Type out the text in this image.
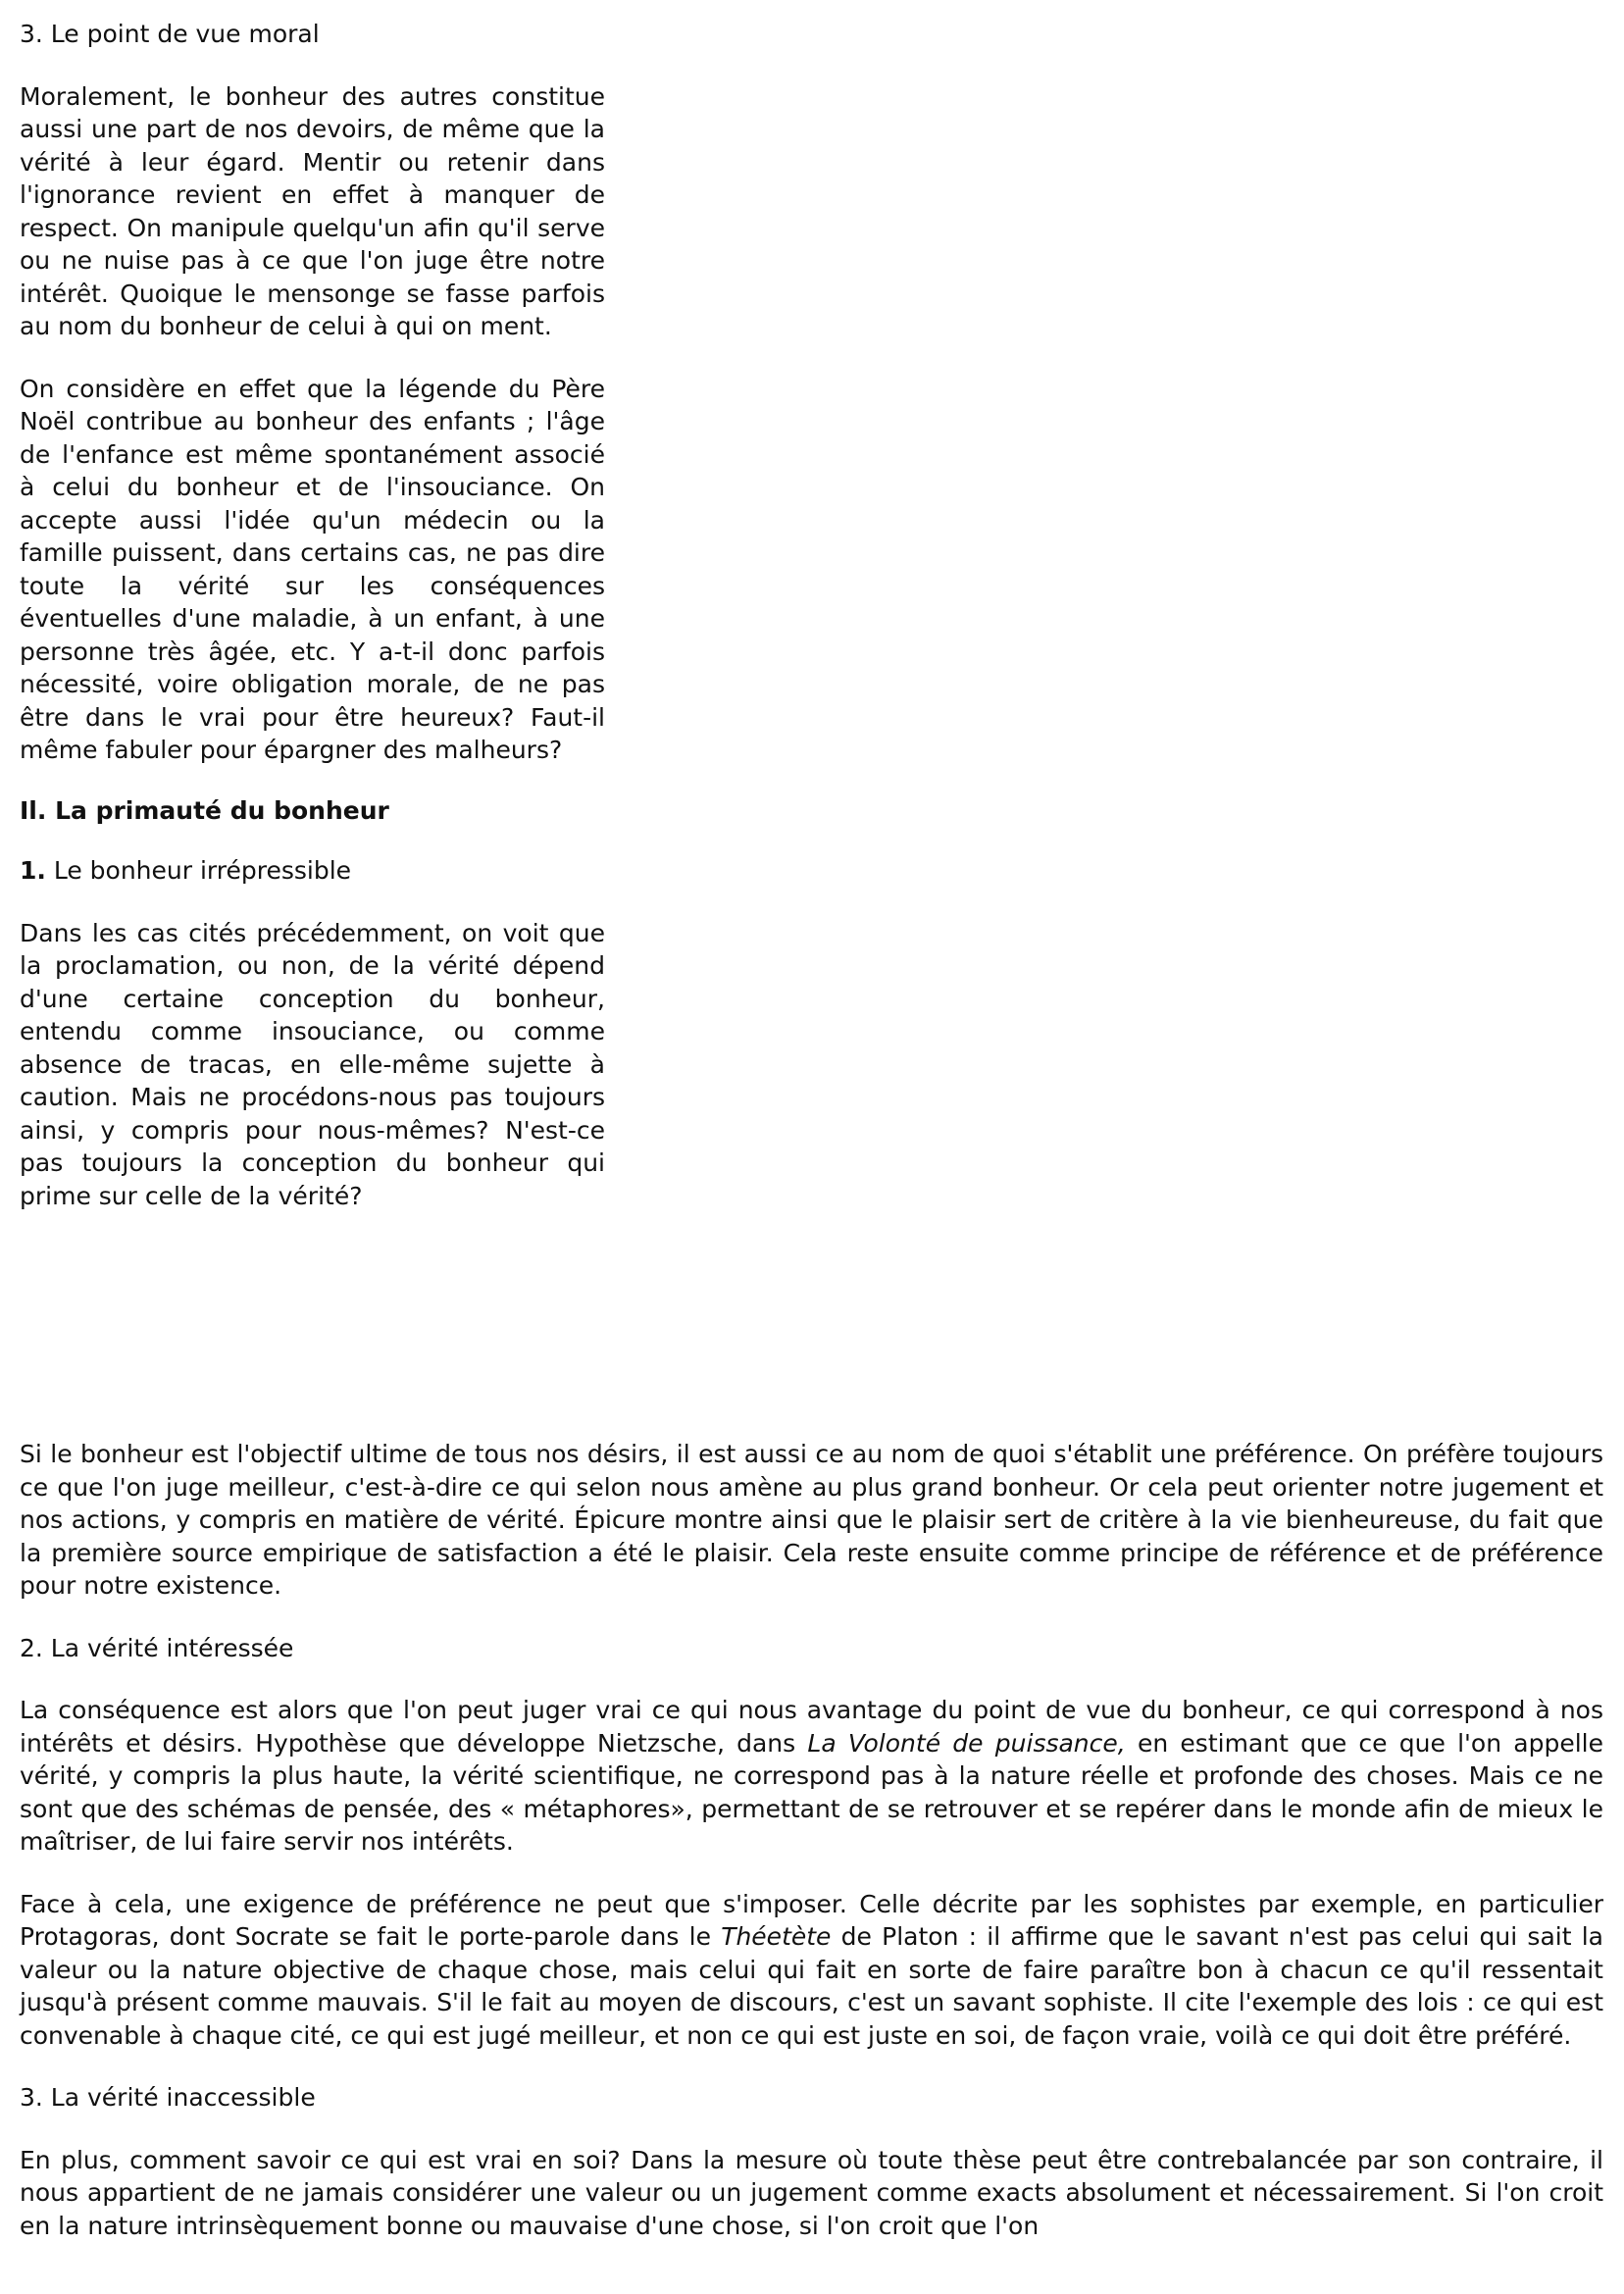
3. Le point de vue moral

Moralement, le bonheur des autres constitue aussi une part de nos devoirs, de même que la vérité à leur égard. Mentir ou retenir dans l'ignorance revient en effet à manquer de respect. On manipule quelqu'un afin qu'il serve ou ne nuise pas à ce que l'on juge être notre intérêt. Quoique le mensonge se fasse parfois au nom du bonheur de celui à qui on ment.

On considère en effet que la légende du Père Noël contribue au bonheur des enfants ; l'âge de l'enfance est même spontanément associé à celui du bonheur et de l'insouciance. On accepte aussi l'idée qu'un médecin ou la famille puissent, dans certains cas, ne pas dire toute la vérité sur les conséquences éventuelles d'une maladie, à un enfant, à une personne très âgée, etc. Y a-t-il donc parfois nécessité, voire obligation morale, de ne pas être dans le vrai pour être heureux? Faut-il même fabuler pour épargner des malheurs?

Il. La primauté du bonheur
1. Le bonheur irrépressible

Dans les cas cités précédemment, on voit que la proclamation, ou non, de la vérité dépend d'une certaine conception du bonheur, entendu comme insouciance, ou comme absence de tracas, en elle-même sujette à caution. Mais ne procédons-nous pas toujours ainsi, y compris pour nous-mêmes? N'est-ce pas toujours la conception du bonheur qui prime sur celle de la vérité?

Si le bonheur est l'objectif ultime de tous nos désirs, il est aussi ce au nom de quoi s'établit une préférence. On préfère toujours ce que l'on juge meilleur, c'est-à-dire ce qui selon nous amène au plus grand bonheur. Or cela peut orienter notre jugement et nos actions, y compris en matière de vérité. Épicure montre ainsi que le plaisir sert de critère à la vie bienheureuse, du fait que la première source empirique de satisfaction a été le plaisir. Cela reste ensuite comme principe de référence et de préférence pour notre existence.

2. La vérité intéressée

La conséquence est alors que l'on peut juger vrai ce qui nous avantage du point de vue du bonheur, ce qui correspond à nos intérêts et désirs. Hypothèse que développe Nietzsche, dans La Volonté de puissance, en estimant que ce que l'on appelle vérité, y compris la plus haute, la vérité scientifique, ne correspond pas à la nature réelle et profonde des choses. Mais ce ne sont que des schémas de pensée, des « métaphores», permettant de se retrouver et se repérer dans le monde afin de mieux le maîtriser, de lui faire servir nos intérêts.

Face à cela, une exigence de préférence ne peut que s'imposer. Celle décrite par les sophistes par exemple, en particulier Protagoras, dont Socrate se fait le porte-parole dans le Théetète de Platon : il affirme que le savant n'est pas celui qui sait la valeur ou la nature objective de chaque chose, mais celui qui fait en sorte de faire paraître bon à chacun ce qu'il ressentait jusqu'à présent comme mauvais. S'il le fait au moyen de discours, c'est un savant sophiste. Il cite l'exemple des lois : ce qui est convenable à chaque cité, ce qui est jugé meilleur, et non ce qui est juste en soi, de façon vraie, voilà ce qui doit être préféré.

3. La vérité inaccessible

En plus, comment savoir ce qui est vrai en soi? Dans la mesure où toute thèse peut être contrebalancée par son contraire, il nous appartient de ne jamais considérer une valeur ou un jugement comme exacts absolument et nécessairement. Si l'on croit en la nature intrinsèquement bonne ou mauvaise d'une chose, si l'on croit que l'on
